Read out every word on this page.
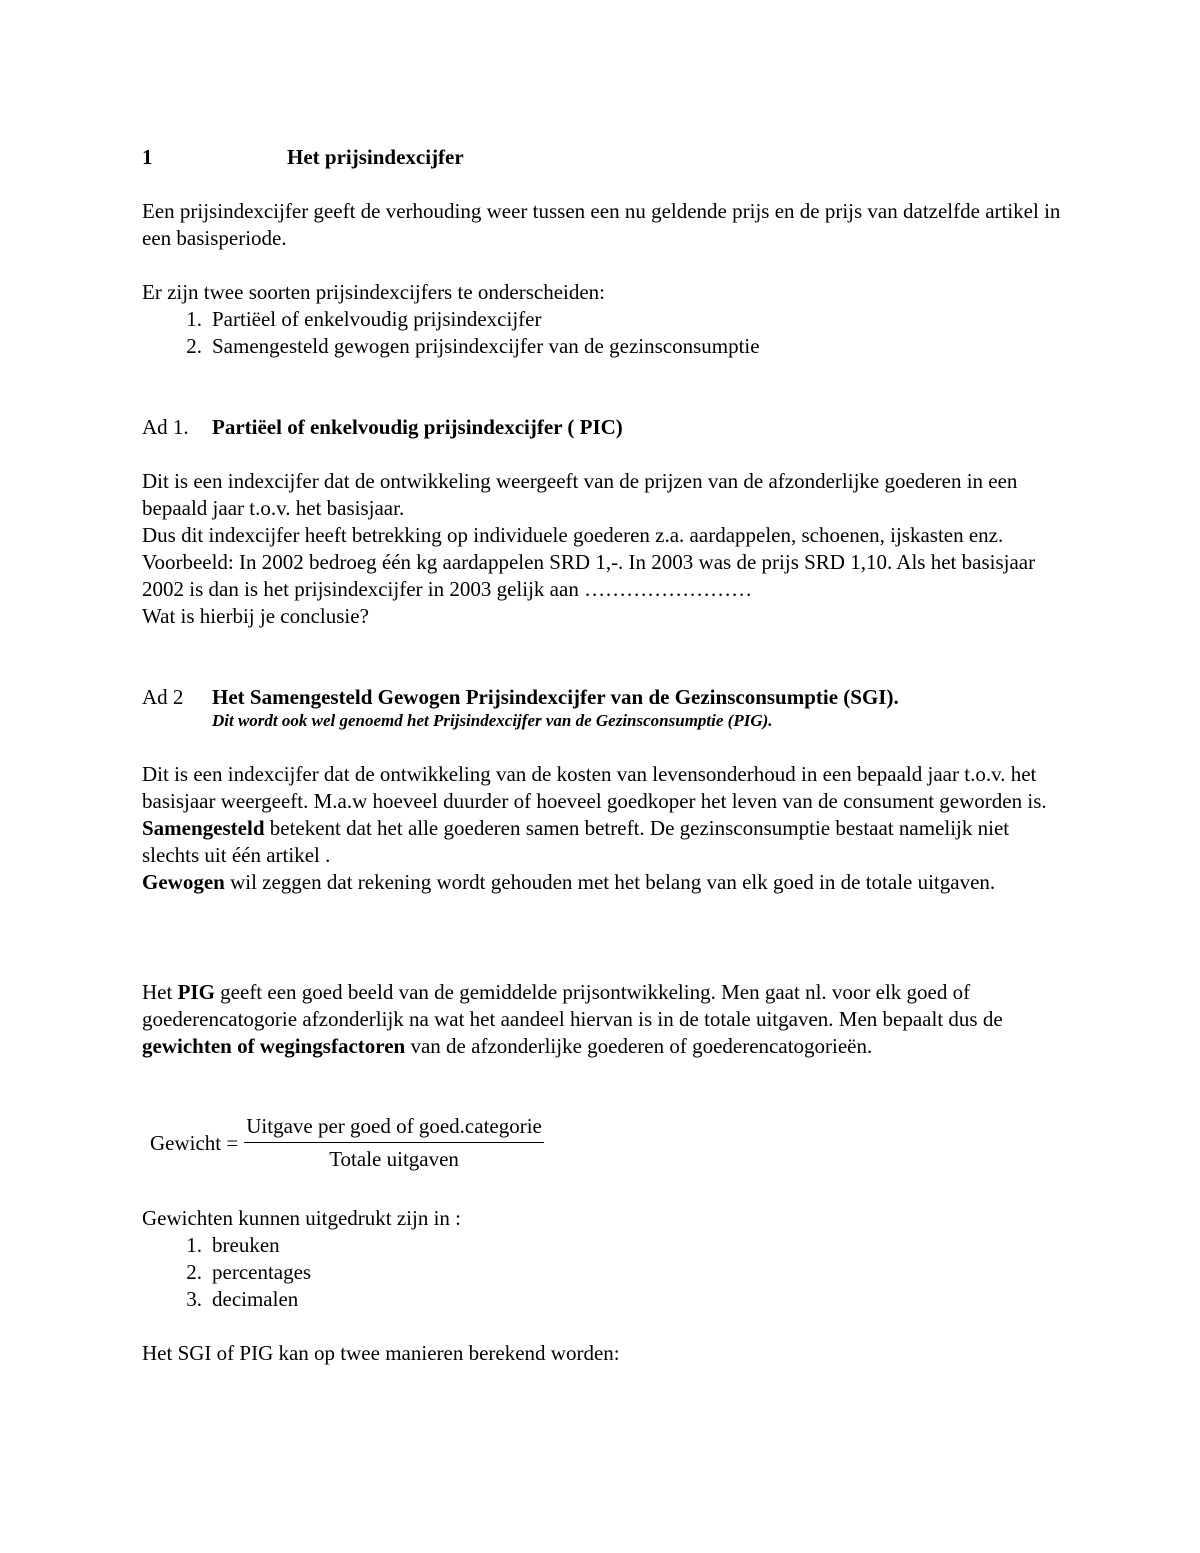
1	Het prijsindexcijfer

Een prijsindexcijfer geeft de verhouding weer tussen een nu geldende prijs en de prijs van datzelfde artikel in een basisperiode.

Er zijn twee soorten prijsindexcijfers te onderscheiden:

1. Partiëel of enkelvoudig prijsindexcijfer
2. Samengesteld gewogen prijsindexcijfer van de gezinsconsumptie
Ad 1.	Partiëel of enkelvoudig prijsindexcijfer ( PIC)

Dit is een indexcijfer dat de ontwikkeling weergeeft van de prijzen van de afzonderlijke goederen in een bepaald jaar t.o.v. het basisjaar.

Dus dit indexcijfer heeft betrekking op individuele goederen z.a. aardappelen, schoenen, ijskasten enz.

Voorbeeld: In 2002 bedroeg één kg aardappelen SRD 1,-. In 2003 was de prijs SRD 1,10. Als het basisjaar 2002 is dan is het prijsindexcijfer in 2003 gelijk aan ……………………

Wat is hierbij je conclusie?

Ad 2	Het Samengesteld Gewogen Prijsindexcijfer van de Gezinsconsumptie (SGI).

Dit wordt ook wel genoemd het Prijsindexcijfer van de Gezinsconsumptie (PIG).

Dit is een indexcijfer dat de ontwikkeling van de kosten van levensonderhoud in een bepaald jaar t.o.v. het basisjaar weergeeft. M.a.w hoeveel duurder of hoeveel goedkoper het leven van de consument geworden is.

Samengesteld betekent dat het alle goederen samen betreft. De gezinsconsumptie bestaat namelijk niet slechts uit één artikel .

Gewogen wil zeggen dat rekening wordt gehouden met het belang van elk goed in de totale uitgaven.

Het PIG geeft een goed beeld van de gemiddelde prijsontwikkeling. Men gaat nl. voor elk goed of goederencatogorie afzonderlijk na wat het aandeel hiervan is in de totale uitgaven. Men bepaalt dus de gewichten of wegingsfactoren van de afzonderlijke goederen of goederencatogorieën.

Gewicht = $\frac{\text{Uitgave per goed of goed.categorie}}{\text{Totale uitgaven}}$

Gewichten kunnen uitgedrukt zijn in :

1. breuken
2. percentages
3. decimalen

Het SGI of PIG kan op twee manieren berekend worden:
